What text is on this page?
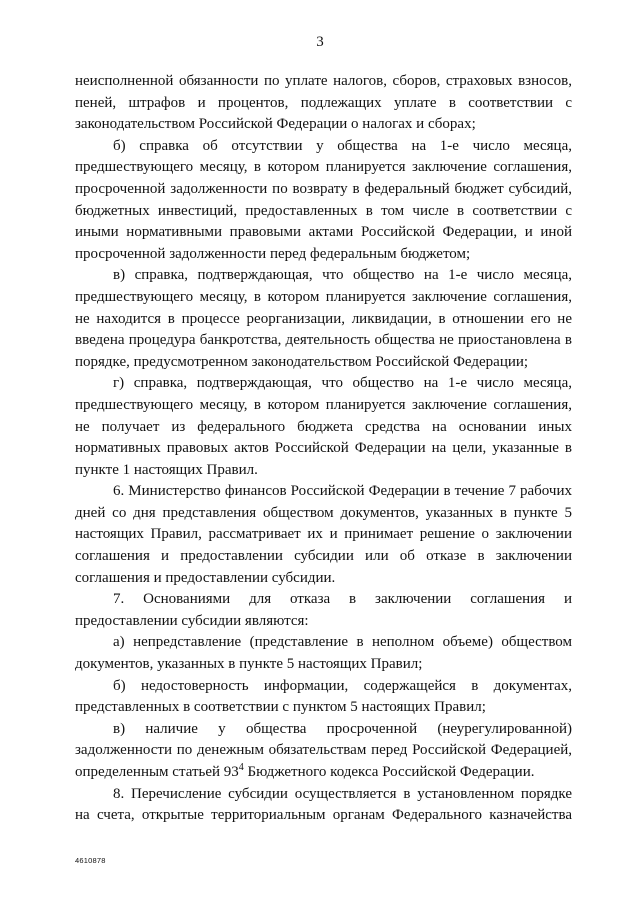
3

неисполненной обязанности по уплате налогов, сборов, страховых взносов, пеней, штрафов и процентов, подлежащих уплате в соответствии с законодательством Российской Федерации о налогах и сборах;

б) справка об отсутствии у общества на 1-е число месяца, предшествующего месяцу, в котором планируется заключение соглашения, просроченной задолженности по возврату в федеральный бюджет субсидий, бюджетных инвестиций, предоставленных в том числе в соответствии с иными нормативными правовыми актами Российской Федерации, и иной просроченной задолженности перед федеральным бюджетом;

в) справка, подтверждающая, что общество на 1-е число месяца, предшествующего месяцу, в котором планируется заключение соглашения, не находится в процессе реорганизации, ликвидации, в отношении его не введена процедура банкротства, деятельность общества не приостановлена в порядке, предусмотренном законодательством Российской Федерации;

г) справка, подтверждающая, что общество на 1-е число месяца, предшествующего месяцу, в котором планируется заключение соглашения, не получает из федерального бюджета средства на основании иных нормативных правовых актов Российской Федерации на цели, указанные в пункте 1 настоящих Правил.

6. Министерство финансов Российской Федерации в течение 7 рабочих дней со дня представления обществом документов, указанных в пункте 5 настоящих Правил, рассматривает их и принимает решение о заключении соглашения и предоставлении субсидии или об отказе в заключении соглашения и предоставлении субсидии.

7. Основаниями для отказа в заключении соглашения и предоставлении субсидии являются:

а) непредставление (представление в неполном объеме) обществом документов, указанных в пункте 5 настоящих Правил;

б) недостоверность информации, содержащейся в документах, представленных в соответствии с пунктом 5 настоящих Правил;

в) наличие у общества просроченной (неурегулированной) задолженности по денежным обязательствам перед Российской Федерацией, определенным статьей $93^4$ Бюджетного кодекса Российской Федерации.

8. Перечисление субсидии осуществляется в установленном порядке на счета, открытые территориальным органам Федерального казначейства

4610878
